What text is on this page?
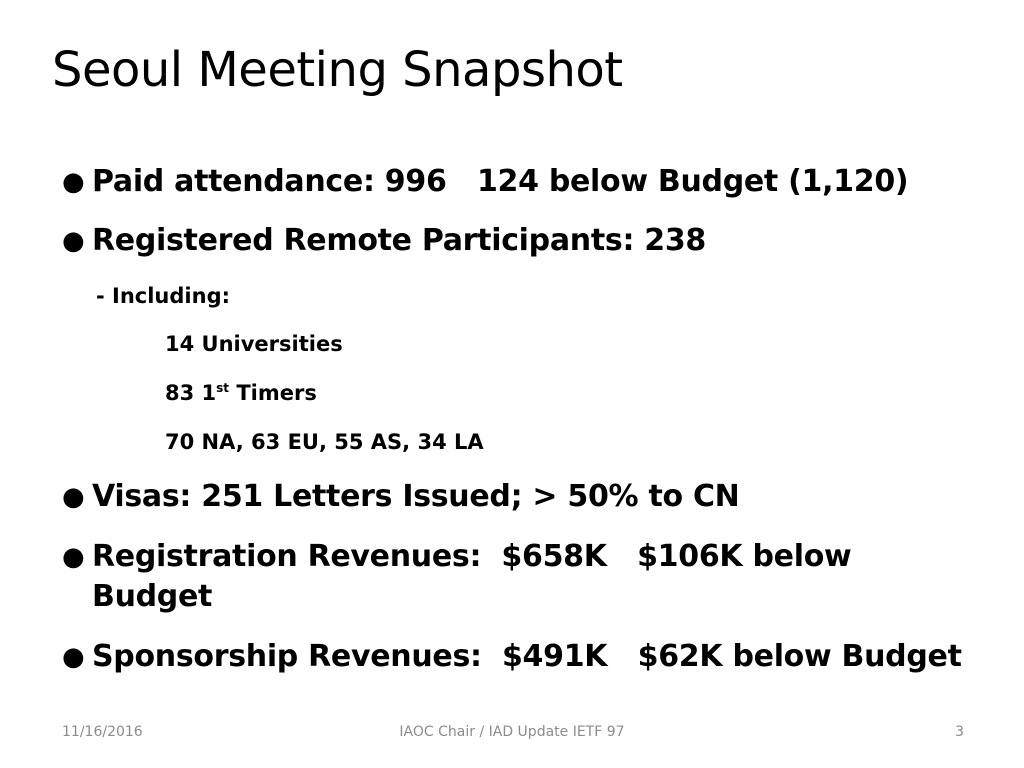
Seoul Meeting Snapshot
● Paid attendance: 996   124 below Budget (1,120)
● Registered Remote Participants: 238
- Including:
14 Universities
83 1st Timers
70 NA, 63 EU, 55 AS, 34 LA
● Visas: 251 Letters Issued; > 50% to CN
● Registration Revenues:  $658K   $106K below Budget
● Sponsorship Revenues:  $491K   $62K below Budget
11/16/2016	IAOC Chair / IAD Update IETF 97	3
